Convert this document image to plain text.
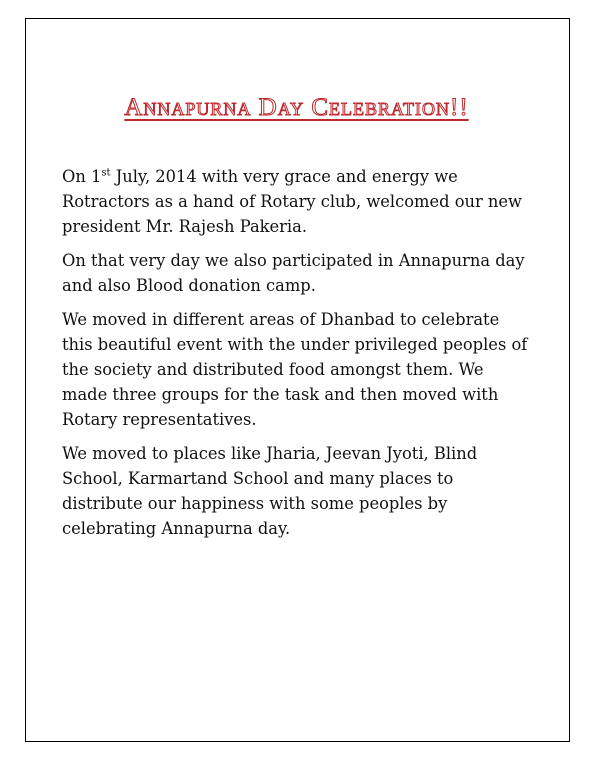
Annapurna Day Celebration!!

On 1st July, 2014 with very grace and energy we Rotractors as a hand of Rotary club, welcomed our new president Mr. Rajesh Pakeria.

On that very day we also participated in Annapurna day and also Blood donation camp.

We moved in different areas of Dhanbad to celebrate this beautiful event with the under privileged peoples of the society and distributed food amongst them. We made three groups for the task and then moved with Rotary representatives.

We moved to places like Jharia, Jeevan Jyoti, Blind School, Karmartand School and many places to distribute our happiness with some peoples by celebrating Annapurna day.
